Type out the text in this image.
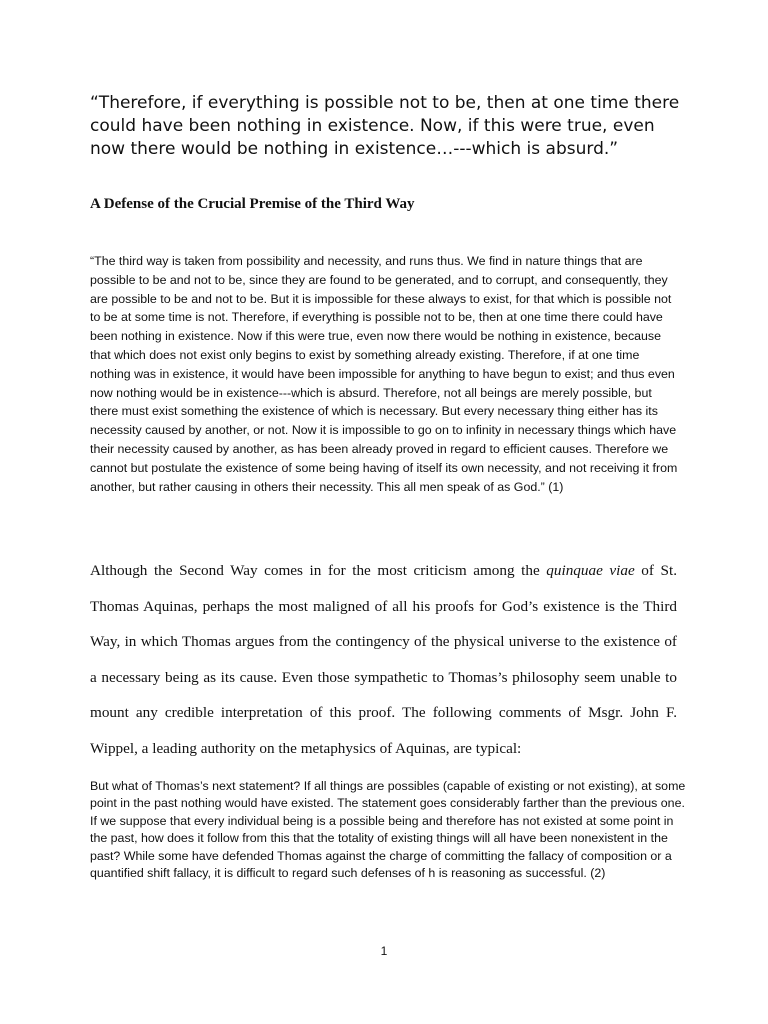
“Therefore, if everything is possible not to be, then at one time there could have been nothing in existence. Now, if this were true, even now there would be nothing in existence…---which is absurd.”

A Defense of the Crucial Premise of the Third Way

“The third way is taken from possibility and necessity, and runs thus. We find in nature things that are possible to be and not to be, since they are found to be generated, and to corrupt, and consequently, they are possible to be and not to be. But it is impossible for these always to exist, for that which is possible not to be at some time is not. Therefore, if everything is possible not to be, then at one time there could have been nothing in existence. Now if this were true, even now there would be nothing in existence, because that which does not exist only begins to exist by something already existing. Therefore, if at one time nothing was in existence, it would have been impossible for anything to have begun to exist; and thus even now nothing would be in existence---which is absurd. Therefore, not all beings are merely possible, but there must exist something the existence of which is necessary. But every necessary thing either has its necessity caused by another, or not. Now it is impossible to go on to infinity in necessary things which have their necessity caused by another, as has been already proved in regard to efficient causes. Therefore we cannot but postulate the existence of some being having of itself its own necessity, and not receiving it from another, but rather causing in others their necessity. This all men speak of as God.” (1)

Although the Second Way comes in for the most criticism among the quinquae viae of St. Thomas Aquinas, perhaps the most maligned of all his proofs for God’s existence is the Third Way, in which Thomas argues from the contingency of the physical universe to the existence of a necessary being as its cause. Even those sympathetic to Thomas’s philosophy seem unable to mount any credible interpretation of this proof. The following comments of Msgr. John F. Wippel, a leading authority on the metaphysics of Aquinas, are typical:

But what of Thomas’s next statement? If all things are possibles (capable of existing or not existing), at some point in the past nothing would have existed. The statement goes considerably farther than the previous one. If we suppose that every individual being is a possible being and therefore has not existed at some point in the past, how does it follow from this that the totality of existing things will all have been nonexistent in the past? While some have defended Thomas against the charge of committing the fallacy of composition or a quantified shift fallacy, it is difficult to regard such defenses of h is reasoning as successful. (2)

1
